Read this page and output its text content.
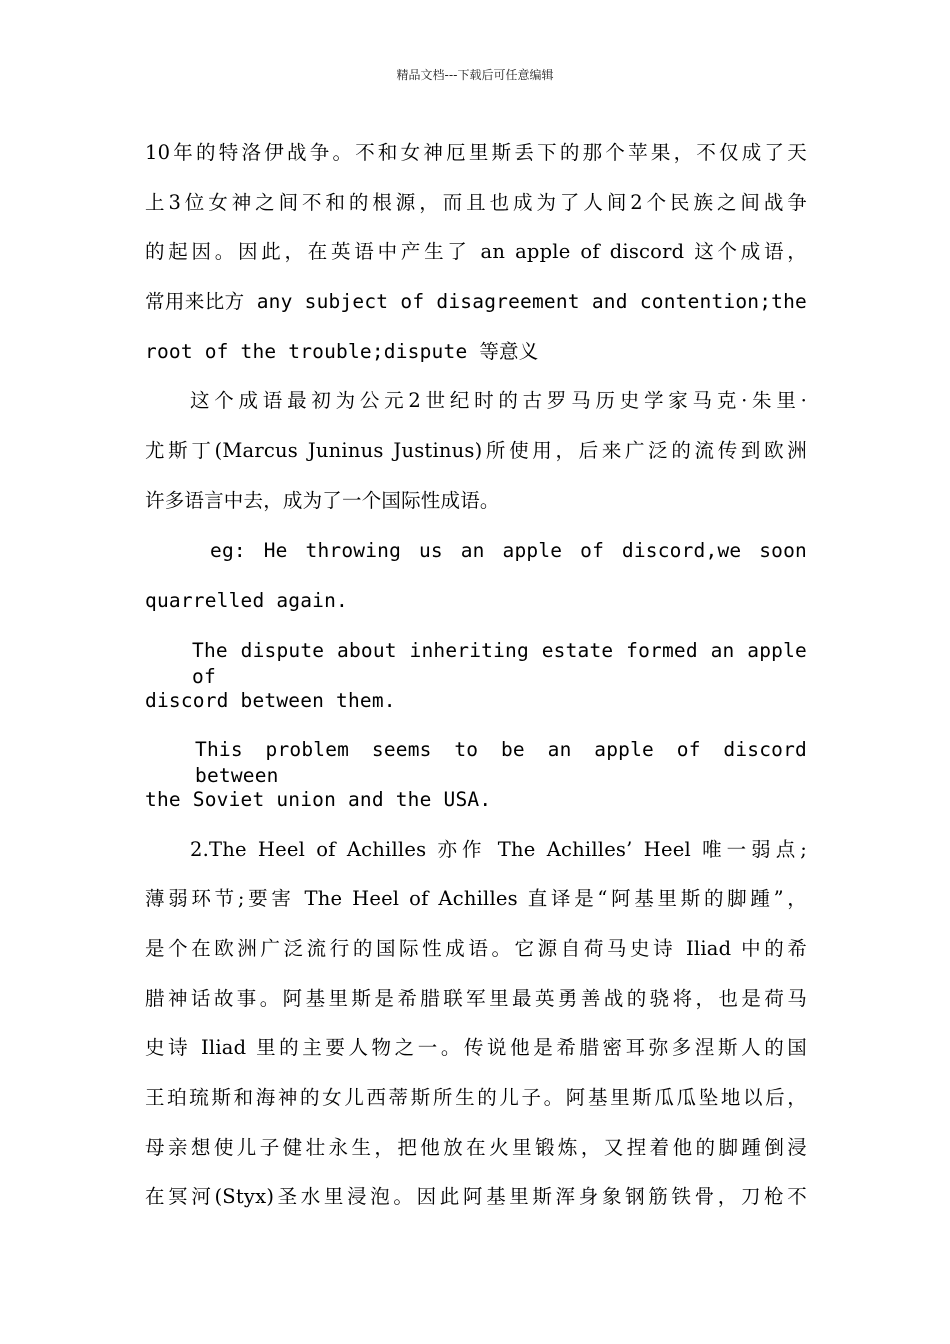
精品文档---下载后可任意编辑
10年的特洛伊战争。不和女神厄里斯丢下的那个苹果，不仅成了天
上3位女神之间不和的根源，而且也成为了人间2个民族之间战争
的起因。因此，在英语中产生了 an apple of discord 这个成语，
常用来比方 any subject of disagreement and contention;the
root of the trouble;dispute 等意义
这个成语最初为公元2世纪时的古罗马历史学家马克·朱里·
尤斯丁(Marcus Juninus Justinus)所使用，后来广泛的流传到欧洲
许多语言中去，成为了一个国际性成语。
eg: He throwing us an apple of discord,we soon
quarrelled again.
The dispute about inheriting estate formed an apple of
discord between them.
This problem seems to be an apple of discord between
the Soviet union and the USA.
2.The Heel of Achilles 亦作 The Achilles’ Heel 唯一弱点;
薄弱环节;要害 The Heel of Achilles 直译是“阿基里斯的脚踵”，
是个在欧洲广泛流行的国际性成语。它源自荷马史诗 Iliad 中的希
腊神话故事。阿基里斯是希腊联军里最英勇善战的骁将，也是荷马
史诗 Iliad 里的主要人物之一。传说他是希腊密耳弥多涅斯人的国
王珀琉斯和海神的女儿西蒂斯所生的儿子。阿基里斯瓜瓜坠地以后，
母亲想使儿子健壮永生，把他放在火里锻炼，又捏着他的脚踵倒浸
在冥河(Styx)圣水里浸泡。因此阿基里斯浑身象钢筋铁骨，刀枪不
